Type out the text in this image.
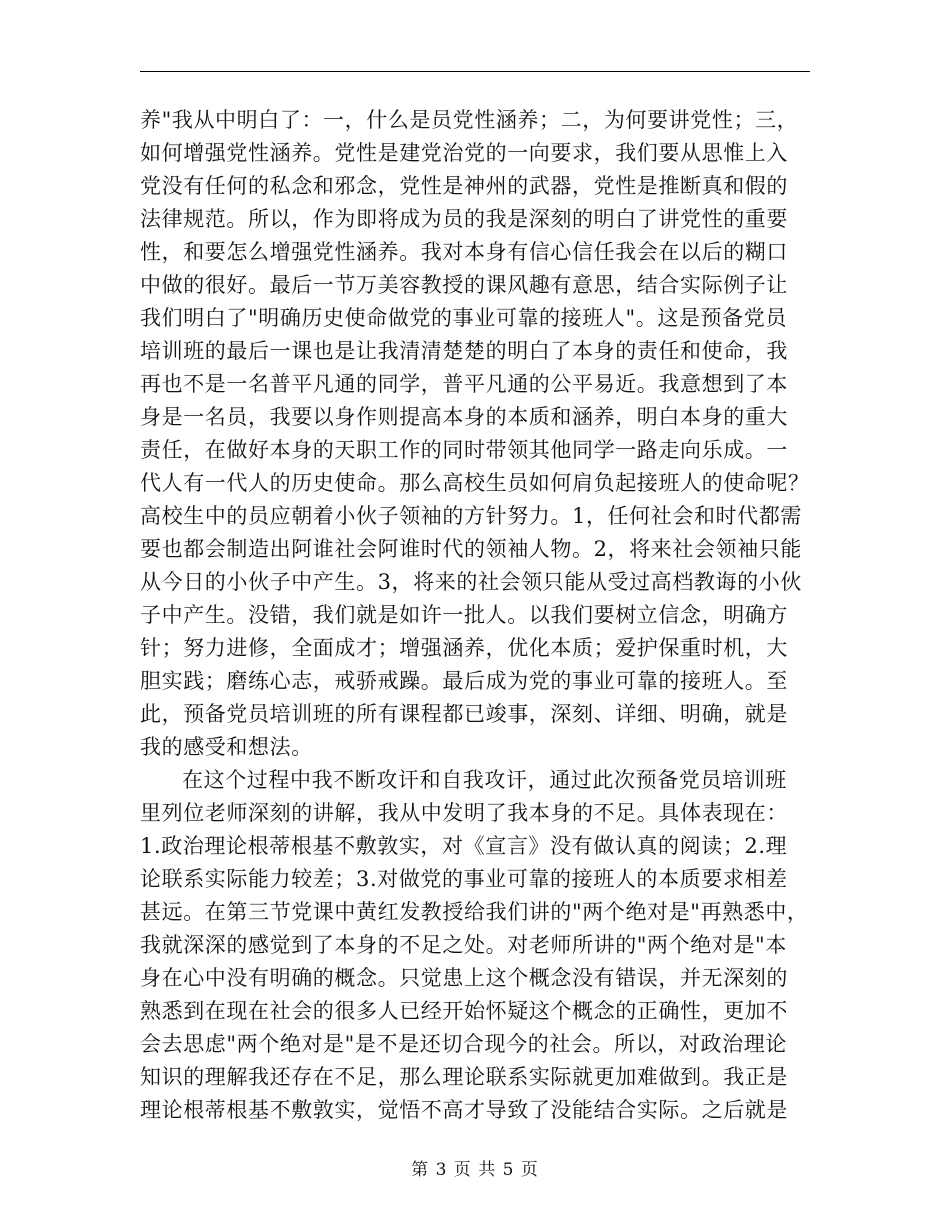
养"我从中明白了：一，什么是员党性涵养；二，为何要讲党性；三，
如何增强党性涵养。党性是建党治党的一向要求，我们要从思惟上入
党没有任何的私念和邪念，党性是神州的武器，党性是推断真和假的
法律规范。所以，作为即将成为员的我是深刻的明白了讲党性的重要
性，和要怎么增强党性涵养。我对本身有信心信任我会在以后的糊口
中做的很好。最后一节万美容教授的课风趣有意思，结合实际例子让
我们明白了"明确历史使命做党的事业可靠的接班人"。这是预备党员
培训班的最后一课也是让我清清楚楚的明白了本身的责任和使命，我
再也不是一名普平凡通的同学，普平凡通的公平易近。我意想到了本
身是一名员，我要以身作则提高本身的本质和涵养，明白本身的重大
责任，在做好本身的天职工作的同时带领其他同学一路走向乐成。一
代人有一代人的历史使命。那么高校生员如何肩负起接班人的使命呢？
高校生中的员应朝着小伙子领袖的方针努力。1，任何社会和时代都需
要也都会制造出阿谁社会阿谁时代的领袖人物。2，将来社会领袖只能
从今日的小伙子中产生。3，将来的社会领只能从受过高档教诲的小伙
子中产生。没错，我们就是如许一批人。以我们要树立信念，明确方
针；努力进修，全面成才；增强涵养，优化本质；爱护保重时机，大
胆实践；磨练心志，戒骄戒躁。最后成为党的事业可靠的接班人。至
此，预备党员培训班的所有课程都已竣事，深刻、详细、明确，就是
我的感受和想法。
在这个过程中我不断攻讦和自我攻讦，通过此次预备党员培训班
里列位老师深刻的讲解，我从中发明了我本身的不足。具体表现在：
1.政治理论根蒂根基不敷敦实，对《宣言》没有做认真的阅读；2.理
论联系实际能力较差；3.对做党的事业可靠的接班人的本质要求相差
甚远。在第三节党课中黄红发教授给我们讲的"两个绝对是"再熟悉中，
我就深深的感觉到了本身的不足之处。对老师所讲的"两个绝对是"本
身在心中没有明确的概念。只觉患上这个概念没有错误，并无深刻的
熟悉到在现在社会的很多人已经开始怀疑这个概念的正确性，更加不
会去思虑"两个绝对是"是不是还切合现今的社会。所以，对政治理论
知识的理解我还存在不足，那么理论联系实际就更加难做到。我正是
理论根蒂根基不敷敦实，觉悟不高才导致了没能结合实际。之后就是
第 3 页 共 5 页
